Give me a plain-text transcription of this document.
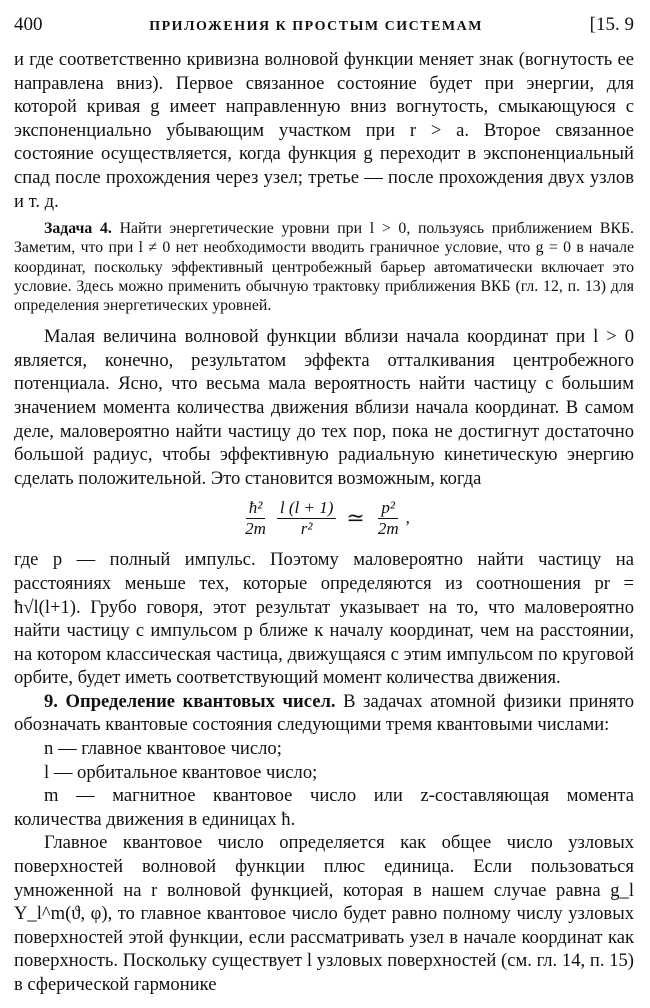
400	ПРИЛОЖЕНИЯ К ПРОСТЫМ СИСТЕМАМ	[15. 9

и где соответственно кривизна волновой функции меняет знак (вогнутость ее направлена вниз). Первое связанное состояние будет при энергии, для которой кривая g имеет направленную вниз вогнутость, смыкающуюся с экспоненциально убывающим участком при r > a. Второе связанное состояние осуществляется, когда функция g переходит в экспоненциальный спад после прохождения через узел; третье — после прохождения двух узлов и т. д.

Задача 4. Найти энергетические уровни при l > 0, пользуясь приближением ВКБ. Заметим, что при l ≠ 0 нет необходимости вводить граничное условие, что g = 0 в начале координат, поскольку эффективный центробежный барьер автоматически включает это условие. Здесь можно применить обычную трактовку приближения ВКБ (гл. 12, п. 13) для определения энергетических уровней.

Малая величина волновой функции вблизи начала координат при l > 0 является, конечно, результатом эффекта отталкивания центробежного потенциала. Ясно, что весьма мала вероятность найти частицу с большим значением момента количества движения вблизи начала координат. В самом деле, маловероятно найти частицу до тех пор, пока не достигнут достаточно большой радиус, чтобы эффективную радиальную кинетическую энергию сделать положительной. Это становится возможным, когда

$\frac{\text{ħ²}}{2m} \frac{l (l + 1)}{\text{r²}}$ ≃ $\frac{\text{p²}}{2m}$ ,

где p — полный импульс. Поэтому маловероятно найти частицу на расстояниях меньше тех, которые определяются из соотношения pr = ħ√l(l+1). Грубо говоря, этот результат указывает на то, что маловероятно найти частицу с импульсом p ближе к началу координат, чем на расстоянии, на котором классическая частица, движущаяся с этим импульсом по круговой орбите, будет иметь соответствующий момент количества движения.

9. Определение квантовых чисел. В задачах атомной физики принято обозначать квантовые состояния следующими тремя квантовыми числами:

n — главное квантовое число;

l — орбитальное квантовое число;

m — магнитное квантовое число или z-составляющая момента количества движения в единицах ħ.

Главное квантовое число определяется как общее число узловых поверхностей волновой функции плюс единица. Если пользоваться умноженной на r волновой функцией, которая в нашем случае равна g_l Y_l^m(ϑ, φ), то главное квантовое число будет равно полному числу узловых поверхностей этой функции, если рассматривать узел в начале координат как поверхность. Поскольку существует l узловых поверхностей (см. гл. 14, п. 15) в сферической гармонике
